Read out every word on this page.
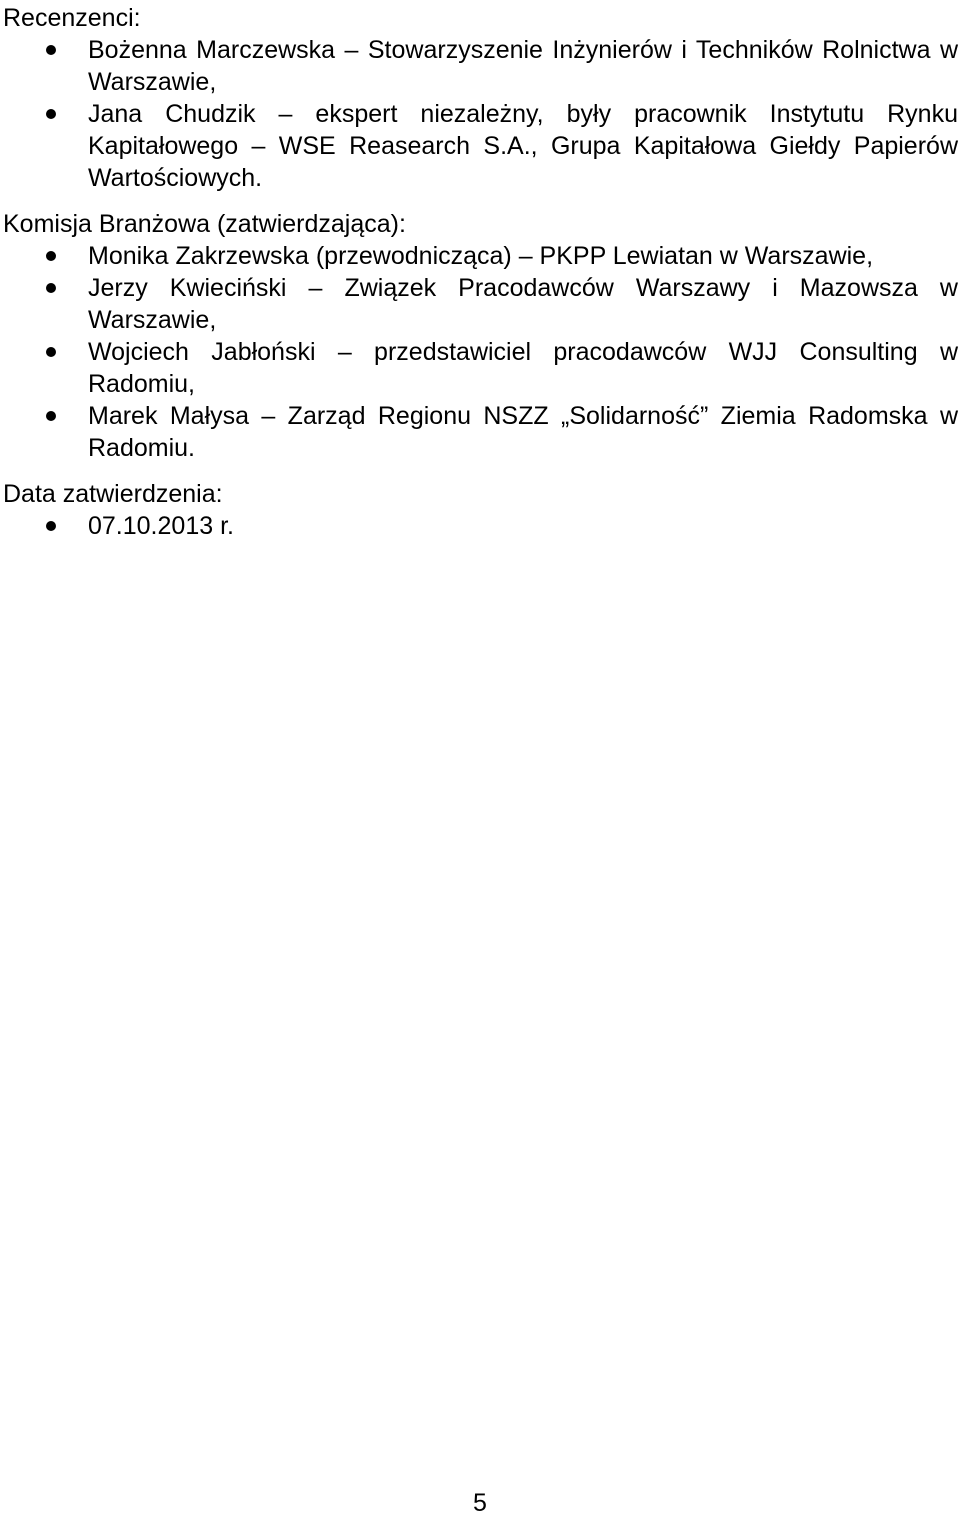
Recenzenci:

Bożenna Marczewska – Stowarzyszenie Inżynierów i Techników Rolnictwa w Warszawie,
Jana Chudzik – ekspert niezależny, były pracownik Instytutu Rynku Kapitałowego – WSE Reasearch S.A., Grupa Kapitałowa Giełdy Papierów Wartościowych.

Komisja Branżowa (zatwierdzająca):

Monika Zakrzewska (przewodnicząca) – PKPP Lewiatan w Warszawie,
Jerzy Kwieciński – Związek Pracodawców Warszawy i Mazowsza w Warszawie,
Wojciech Jabłoński – przedstawiciel pracodawców WJJ Consulting w Radomiu,
Marek Małysa – Zarząd Regionu NSZZ „Solidarność” Ziemia Radomska w Radomiu.

Data zatwierdzenia:

07.10.2013 r.
5
